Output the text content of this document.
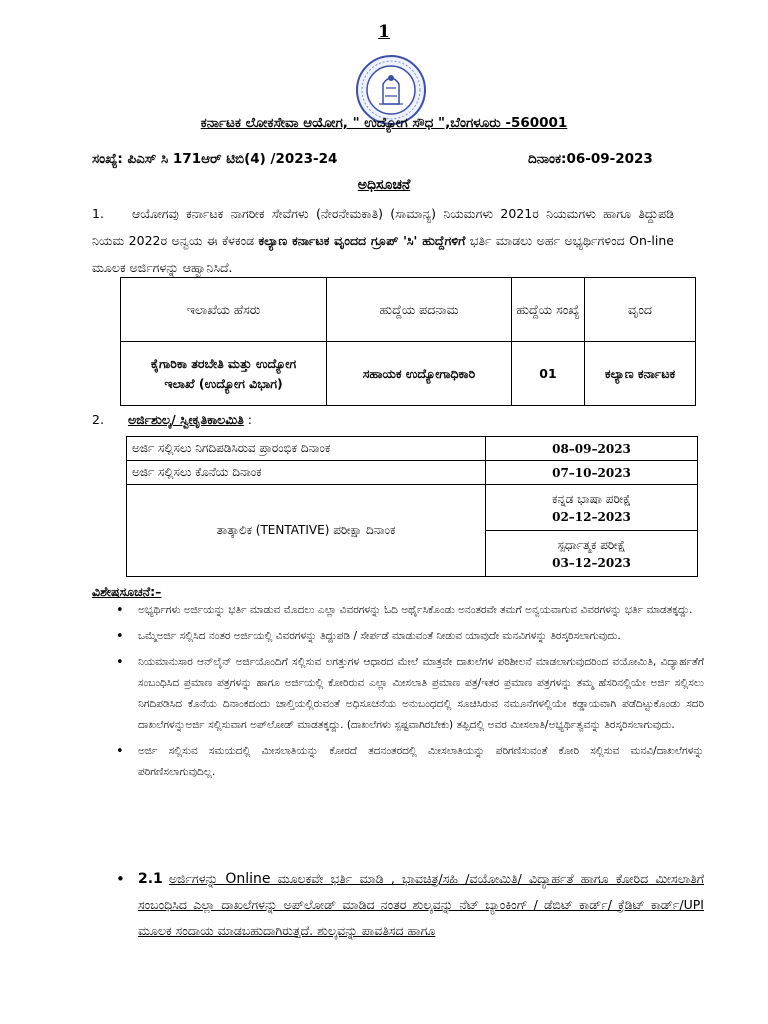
1
ಕರ್ನಾಟಕ ಲೋಕಸೇವಾ ಆಯೋಗ, " ಉದ್ಯೋಗ ಸೌಧ ",ಬೆಂಗಳೂರು -560001
ಸಂಖ್ಯೆ: ಪಿಎಸ್ ಸಿ 171ಆರ್ ಟಿಬಿ(4) /2023-24	ದಿನಾಂಕ:06-09-2023
ಅಧಿಸೂಚನೆ
1. ಆಯೋಗವು ಕರ್ನಾಟಕ ನಾಗರೀಕ ಸೇವೆಗಳು (ನೇರನೇಮಕಾತಿ) (ಸಾಮಾನ್ಯ) ನಿಯಮಗಳು 2021ರ ನಿಯಮಗಳು ಹಾಗೂ ತಿದ್ದುಪಡಿ ನಿಯಮ 2022ರ ಅನ್ವಯ ಈ ಕೆಳಕಂಡ ಕಲ್ಯಾಣ ಕರ್ನಾಟಕ ವೃಂದದ ಗ್ರೂಪ್ 'ಸಿ' ಹುದ್ದೆಗಳಿಗೆ ಭರ್ತಿ ಮಾಡಲು ಅರ್ಹ ಅಭ್ಯರ್ಥಿಗಳಿಂದ On-line ಮೂಲಕ ಅರ್ಜಿಗಳನ್ನು ಆಹ್ವಾನಿಸಿದೆ.
ಇಲಾಖೆಯ ಹೆಸರು	ಹುದ್ದೆಯ ಪದನಾಮ	ಹುದ್ದೆಯ ಸಂಖ್ಯೆ	ವೃಂದ
ಕೈಗಾರಿಕಾ ತರಬೇತಿ ಮತ್ತು ಉದ್ಯೋಗ ಇಲಾಖೆ (ಉದ್ಯೋಗ ವಿಭಾಗ)	ಸಹಾಯಕ ಉದ್ಯೋಗಾಧಿಕಾರಿ	01	ಕಲ್ಯಾಣ ಕರ್ನಾಟಕ
2. ಅರ್ಜಿಶುಲ್ಕ/ ಸ್ವೀಕೃತಿಕಾಲಮಿತಿ :
ಅರ್ಜಿ ಸಲ್ಲಿಸಲು ನಿಗದಿಪಡಿಸಿರುವ ಪ್ರಾರಂಭಿಕ ದಿನಾಂಕ	08–09–2023
ಅರ್ಜಿ ಸಲ್ಲಿಸಲು ಕೊನೆಯ ದಿನಾಂಕ	07–10–2023
ತಾತ್ಕಾಲಿಕ (TENTATIVE) ಪರೀಕ್ಷಾ ದಿನಾಂಕ	ಕನ್ನಡ ಭಾಷಾ ಪರೀಕ್ಷೆ
02–12–2023

	ಸ್ಪರ್ಧಾತ್ಮಕ ಪರೀಕ್ಷೆ
03–12–2023
ವಿಶೇಷಸೂಚನೆ:–
• ಅಭ್ಯರ್ಥಿಗಳು ಅರ್ಜಿಯನ್ನು ಭರ್ತಿ ಮಾಡುವ ಮೊದಲು ಎಲ್ಲಾ ವಿವರಗಳನ್ನು ಓದಿ ಅರ್ಥೈಸಿಕೊಂಡು ಅನಂತರವೇ ತಮಗೆ ಅನ್ವಯವಾಗುವ ವಿವರಗಳನ್ನು ಭರ್ತಿ ಮಾಡತಕ್ಕದ್ದು.
• ಒಮ್ಮೆಅರ್ಜಿ ಸಲ್ಲಿಸಿದ ನಂತರ ಅರ್ಜಿಯಲ್ಲಿ ವಿವರಗಳನ್ನು ತಿದ್ದುಪಡಿ / ಸೇರ್ಪಡೆ ಮಾಡುವಂತೆ ನೀಡುವ ಯಾವುದೇ ಮನವಿಗಳನ್ನು ತಿರಸ್ಕರಿಸಲಾಗುವುದು.
• ನಿಯಮಾನುಸಾರ ಆನ್‌ಲೈನ್ ಅರ್ಜಿಯೊಂದಿಗೆ ಸಲ್ಲಿಸುವ ಲಗತ್ತುಗಳ ಆಧಾರದ ಮೇಲೆ ಮಾತ್ರವೇ ದಾಖಲೆಗಳ ಪರಿಶೀಲನೆ ಮಾಡಲಾಗುವುದರಿಂದ ವಯೋಮಿತಿ, ವಿದ್ಯಾರ್ಹತೆಗೆ ಸಂಬಂಧಿಸಿದ ಪ್ರಮಾಣ ಪತ್ರಗಳನ್ನು ಹಾಗೂ ಅರ್ಜಿಯಲ್ಲಿ ಕೋರಿರುವ ಎಲ್ಲಾ ಮೀಸಲಾತಿ ಪ್ರಮಾಣ ಪತ್ರ/ಇತರ ಪ್ರಮಾಣ ಪತ್ರಗಳನ್ನು ತಮ್ಮ ಹೆಸರಿನಲ್ಲಿಯೇ ಅರ್ಜಿ ಸಲ್ಲಿಸಲು ನಿಗದಿಪಡಿಸಿದ ಕೊನೆಯ ದಿನಾಂಕದಂದು ಚಾಲ್ತಿಯಲ್ಲಿರುವಂತೆ ಅಧಿಸೂಚನೆಯ ಅನುಬಂಧದಲ್ಲಿ ಸೂಚಿಸಿರುವ ನಮೂನೆಗಳಲ್ಲಿಯೇ ಕಡ್ಡಾಯವಾಗಿ ಪಡೆದಿಟ್ಟುಕೊಂಡು ಸದರಿ ದಾಖಲೆಗಳನ್ನುಅರ್ಜಿ ಸಲ್ಲಿಸುವಾಗ ಅಪ್‌ಲೋಡ್ ಮಾಡತಕ್ಕದ್ದು. (ದಾಖಲೆಗಳು ಸ್ಪಷ್ಟವಾಗಿರಬೇಕು) ತಪ್ಪಿದಲ್ಲಿ ಅವರ ಮೀಸಲಾತಿ/ಅಭ್ಯರ್ಥಿತ್ವವನ್ನು ತಿರಸ್ಕರಿಸಲಾಗುವುದು.
• ಅರ್ಜಿ ಸಲ್ಲಿಸುವ ಸಮಯದಲ್ಲಿ ಮೀಸಲಾತಿಯನ್ನು ಕೋರದೆ ತದನಂತರದಲ್ಲಿ ಮೀಸಲಾತಿಯನ್ನು ಪರಿಗಣಿಸುವಂತೆ ಕೋರಿ ಸಲ್ಲಿಸುವ ಮನವಿ/ದಾಖಲೆಗಳನ್ನು ಪರಿಗಣಿಸಲಾಗುವುದಿಲ್ಲ.
• 2.1 ಅರ್ಜಿಗಳನ್ನು Online ಮೂಲಕವೇ ಭರ್ತಿ ಮಾಡಿ , ಭಾವಚಿತ್ರ/ಸಹಿ /ವಯೋಮಿತಿ/ ವಿದ್ಯಾರ್ಹತೆ ಹಾಗೂ ಕೋರಿದ ಮೀಸಲಾತಿಗೆ ಸಂಬಂಧಿಸಿದ ಎಲ್ಲಾ ದಾಖಲೆಗಳನ್ನು ಅಪ್‌ಲೋಡ್ ಮಾಡಿದ ನಂತರ ಶುಲ್ಕವನ್ನು ನೆಟ್ ಬ್ಯಾಂಕಿಂಗ್ / ಡೆಬಿಟ್ ಕಾರ್ಡ್/ ಕ್ರೆಡಿಟ್ ಕಾರ್ಡ್/UPI ಮೂಲಕ ಸಂದಾಯ ಮಾಡಬಹುದಾಗಿರುತ್ತದೆ. ಶುಲ್ಕವನ್ನು ಪಾವತಿಸದ ಹಾಗೂ
